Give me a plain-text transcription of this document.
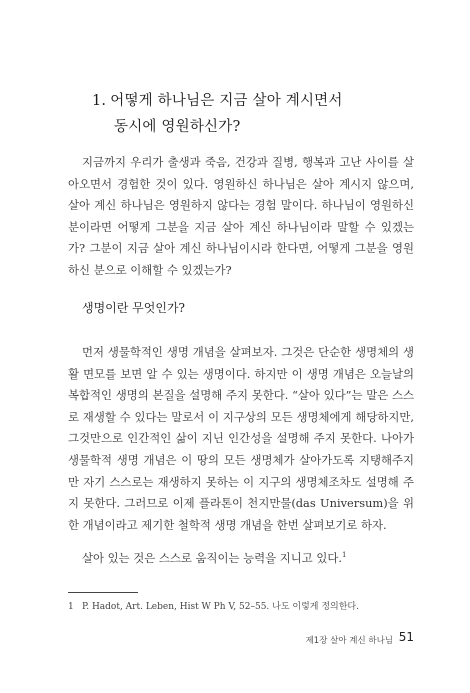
1. 어떻게 하나님은 지금 살아 계시면서
동시에 영원하신가?
지금까지 우리가 출생과 죽음, 건강과 질병, 행복과 고난 사이를 살아오면서 경험한 것이 있다. 영원하신 하나님은 살아 계시지 않으며, 살아 계신 하나님은 영원하지 않다는 경험 말이다. 하나님이 영원하신 분이라면 어떻게 그분을 지금 살아 계신 하나님이라 말할 수 있겠는가? 그분이 지금 살아 계신 하나님이시라 한다면, 어떻게 그분을 영원하신 분으로 이해할 수 있겠는가?
생명이란 무엇인가?
먼저 생물학적인 생명 개념을 살펴보자. 그것은 단순한 생명체의 생활 면모를 보면 알 수 있는 생명이다. 하지만 이 생명 개념은 오늘날의 복합적인 생명의 본질을 설명해 주지 못한다. “살아 있다”는 말은 스스로 재생할 수 있다는 말로서 이 지구상의 모든 생명체에게 해당하지만, 그것만으로 인간적인 삶이 지닌 인간성을 설명해 주지 못한다. 나아가 생물학적 생명 개념은 이 땅의 모든 생명체가 살아가도록 지탱해주지만 자기 스스로는 재생하지 못하는 이 지구의 생명체조차도 설명해 주지 못한다. 그러므로 이제 플라톤이 천지만물(das Universum)을 위한 개념이라고 제기한 철학적 생명 개념을 한번 살펴보기로 하자.
살아 있는 것은 스스로 움직이는 능력을 지니고 있다.$^1$
1 P. Hadot, Art. Leben, Hist W Ph V, 52–55. 나도 이렇게 정의한다.
제1장 살아 계신 하나님 51
